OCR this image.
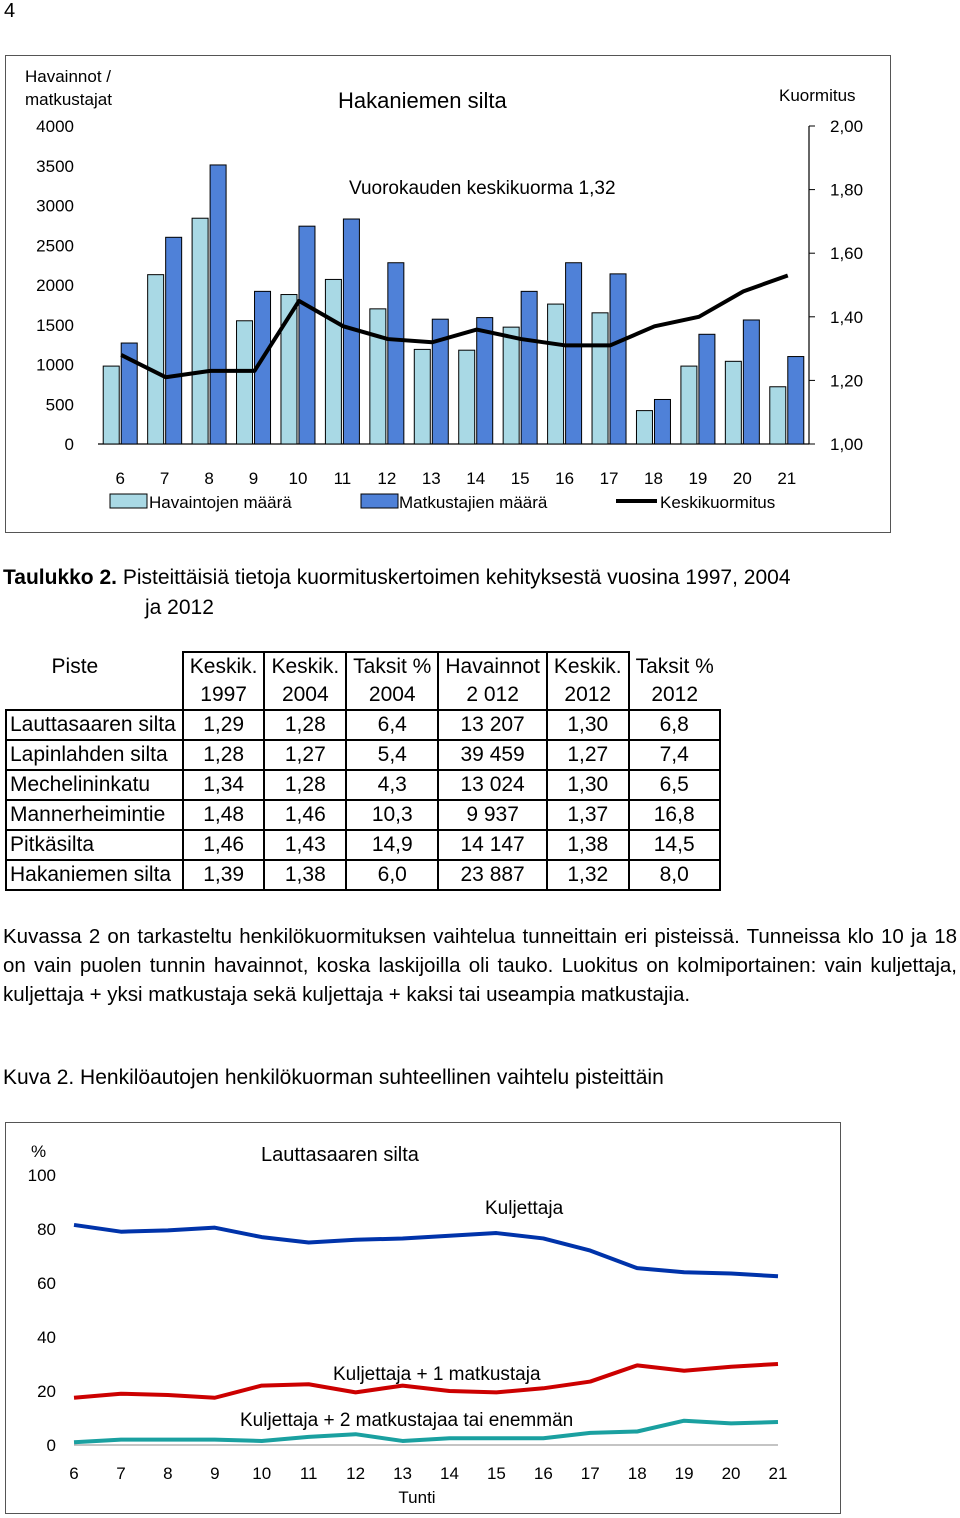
4
Havainnot /
matkustajat	Hakaniemen silta
Vuorokauden keskikuorma 1,32
Kuormitus
4000
3500
3000
2500
2000
1500
1000
500
0
2,00
1,80
1,60
1,40
1,20
1,00
6 7 8 9 10 11 12 13 14 15 16 17 18 19 20 21
Havaintojen määrä	Matkustajien määrä	Keskikuormitus
Taulukko 2. Pisteittäisiä tietoja kuormituskertoimen kehityksestä vuosina 1997, 2004
ja 2012
Piste	Keskik.	Keskik.	Taksit %	Havainnot	Keskik.	Taksit %
	1997	2004	2004	2 012	2012	2012
Lauttasaaren silta	1,29	1,28	6,4	13 207	1,30	6,8
Lapinlahden silta	1,28	1,27	5,4	39 459	1,27	7,4
Mechelininkatu	1,34	1,28	4,3	13 024	1,30	6,5
Mannerheimintie	1,48	1,46	10,3	9 937	1,37	16,8
Pitkäsilta	1,46	1,43	14,9	14 147	1,38	14,5
Hakaniemen silta	1,39	1,38	6,0	23 887	1,32	8,0
Kuvassa 2 on tarkasteltu henkilökuormituksen vaihtelua tunneittain eri pisteissä. Tunneissa klo 10 ja 18 on vain puolen tunnin havainnot, koska laskijoilla oli tauko. Luokitus on kolmiportainen: vain kuljettaja, kuljettaja + yksi matkustaja sekä kuljettaja + kaksi tai useampia matkustajia.
Kuva 2. Henkilöautojen henkilökuorman suhteellinen vaihtelu pisteittäin
%	Lauttasaaren silta
100
80
60
40
20
0
6 7 8 9 10 11 12 13 14 15 16 17 18 19 20 21
Kuljettaja
Kuljettaja + 1 matkustaja
Kuljettaja + 2 matkustajaa tai enemmän
Tunti
